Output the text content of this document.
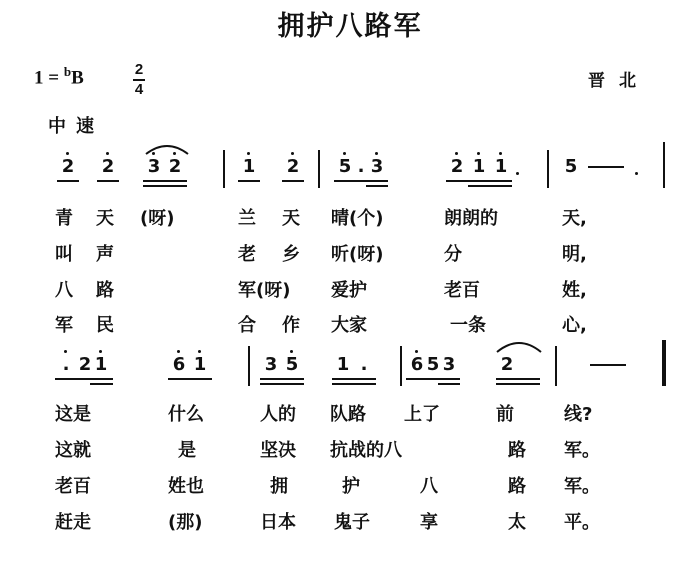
拥护八路军
1 = $^b$B	2
4	晋北
中速
2 2 3 2	1 2 5 . 3	2 1 1	5
青 天 (呀)	兰 天 晴(个)	朗朗的	天,
叫 声	老 乡 听(呀)	分	明,
八 路	军(呀) 爱护	老百	姓,
军 民	合 作 大家	一条	心,
. 2 1	6 1	3 5 1 .	6 5 3	2
这是	什么	人的 队路 上了	前	线?
这就	是	坚决 抗战的八	路 军。
老百	姓也	拥	护	八	路 军。
赶走	(那)	日本 鬼子	享	太 平。
